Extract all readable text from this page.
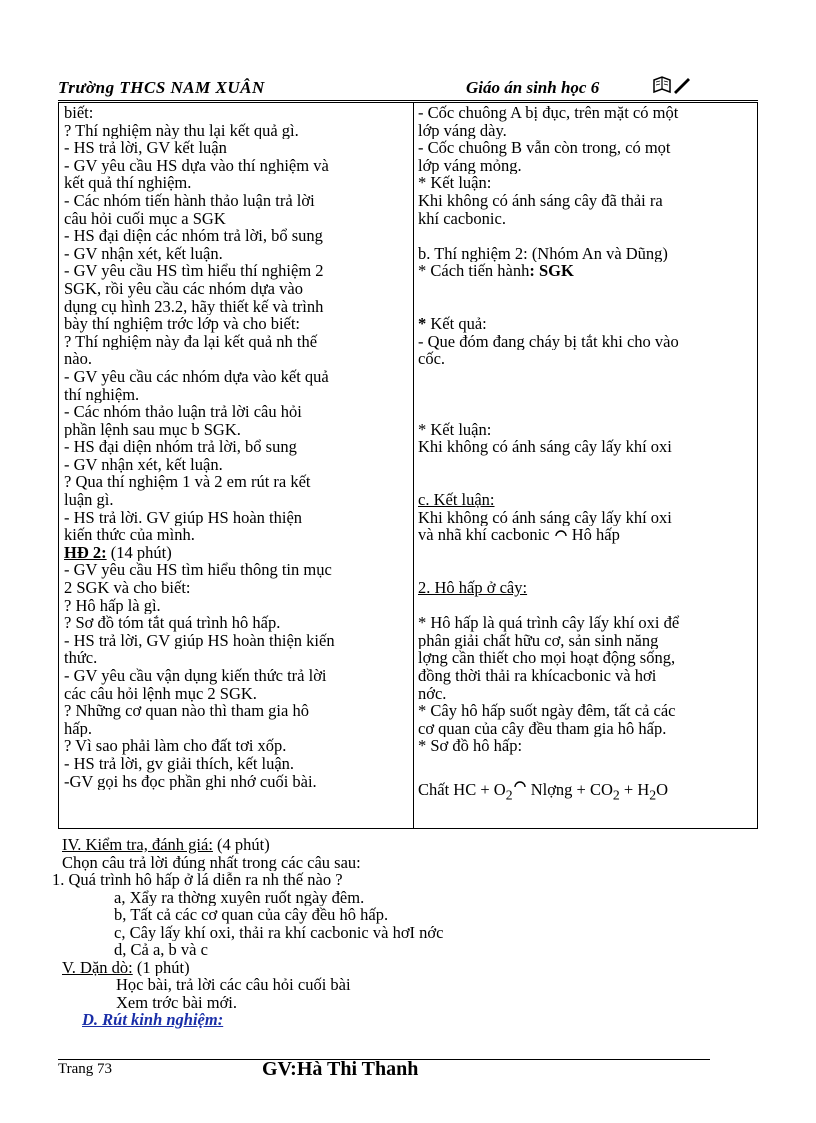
Trường THCS NAM XUÂN	Giáo án sinh học 6
biết:
? Thí nghiệm này thu lại kết quả gì.
- HS trả lời, GV kết luận
- GV yêu cầu HS dựa vào thí nghiệm và
kết quả thí nghiệm.
- Các nhóm tiến hành thảo luận trả lời
câu hỏi cuối mục a SGK
- HS đại diện các nhóm trả lời, bổ sung
- GV nhận xét, kết luận.
- GV yêu cầu HS tìm hiểu thí nghiệm 2
SGK, rồi yêu cầu các nhóm dựa vào
dụng cụ hình 23.2, hãy thiết kế và trình
bày thí nghiệm trớc lớp và cho biết:
? Thí nghiệm này đa lại kết quả nh thế
nào.
- GV yêu cầu các nhóm dựa vào kết quả
thí nghiệm.
- Các nhóm thảo luận trả lời câu hỏi
phần lệnh sau mục b SGK.
- HS đại diện nhóm trả lời, bổ sung
- GV nhận xét, kết luận.
? Qua thí nghiệm 1 và 2 em rút ra kết
luận gì.
- HS trả lời. GV giúp HS hoàn thiện
kiến thức của mình.
HĐ 2: (14 phút)
- GV yêu cầu HS tìm hiểu thông tin mục
2 SGK và cho biết:
? Hô hấp là gì.
? Sơ đồ tóm tắt quá trình hô hấp.
- HS trả lời, GV giúp HS hoàn thiện kiến
thức.
- GV yêu cầu vận dụng kiến thức trả lời
các câu hỏi lệnh mục 2 SGK.
? Những cơ quan nào thì tham gia hô
hấp.
? Vì sao phải làm cho đất tơi xốp.
- HS trả lời, gv giải thích, kết luận.
-GV gọi hs đọc phần ghi nhớ cuối bài.
- Cốc chuông A bị đục, trên mặt có một
lớp váng dày.
- Cốc chuông B vẫn còn trong, có mọt
lớp váng mỏng.
* Kết luận:
Khi không có ánh sáng cây đã thải ra
khí cacbonic.
b. Thí nghiệm 2: (Nhóm An và Dũng)
* Cách tiến hành: SGK
* Kết quả:
- Que đóm đang cháy bị tắt khi cho vào
cốc.
* Kết luận:
Khi không có ánh sáng cây lấy khí oxi
c. Kết luận:
Khi không có ánh sáng cây lấy khí oxi
và nhã khí cacbonic  Hô hấp
2. Hô hấp ở cây:
* Hô hấp là quá trình cây lấy khí oxi để
phân giải chất hữu cơ, sản sinh năng
lợng cần thiết cho mọi hoạt động sống,
đồng thời thải ra khícacbonic và hơi
nớc.
* Cây hô hấp suốt ngày đêm, tất cả các
cơ quan của cây đều tham gia hô hấp.
* Sơ đồ hô hấp:
Chất HC + $O_2$ Nlợng + $CO_2 + H_2O$
IV. Kiểm tra, đánh giá: (4 phút)
Chọn câu trả lời đúng nhất trong các câu sau:
1. Quá trình hô hấp ở lá diễn ra nh thế nào ?
a, Xẩy ra thờng xuyên ruốt ngày đêm.
b, Tất cả các cơ quan của cây đều hô hấp.
c, Cây lấy khí oxi, thải ra khí cacbonic và hơI nớc
d, Cả a, b và c
V. Dặn dò: (1 phút)
Học bài, trả lời các câu hỏi cuối bài
Xem trớc bài mới.
D. Rút kinh nghiệm:
Trang 73	GV:Hà Thi Thanh
